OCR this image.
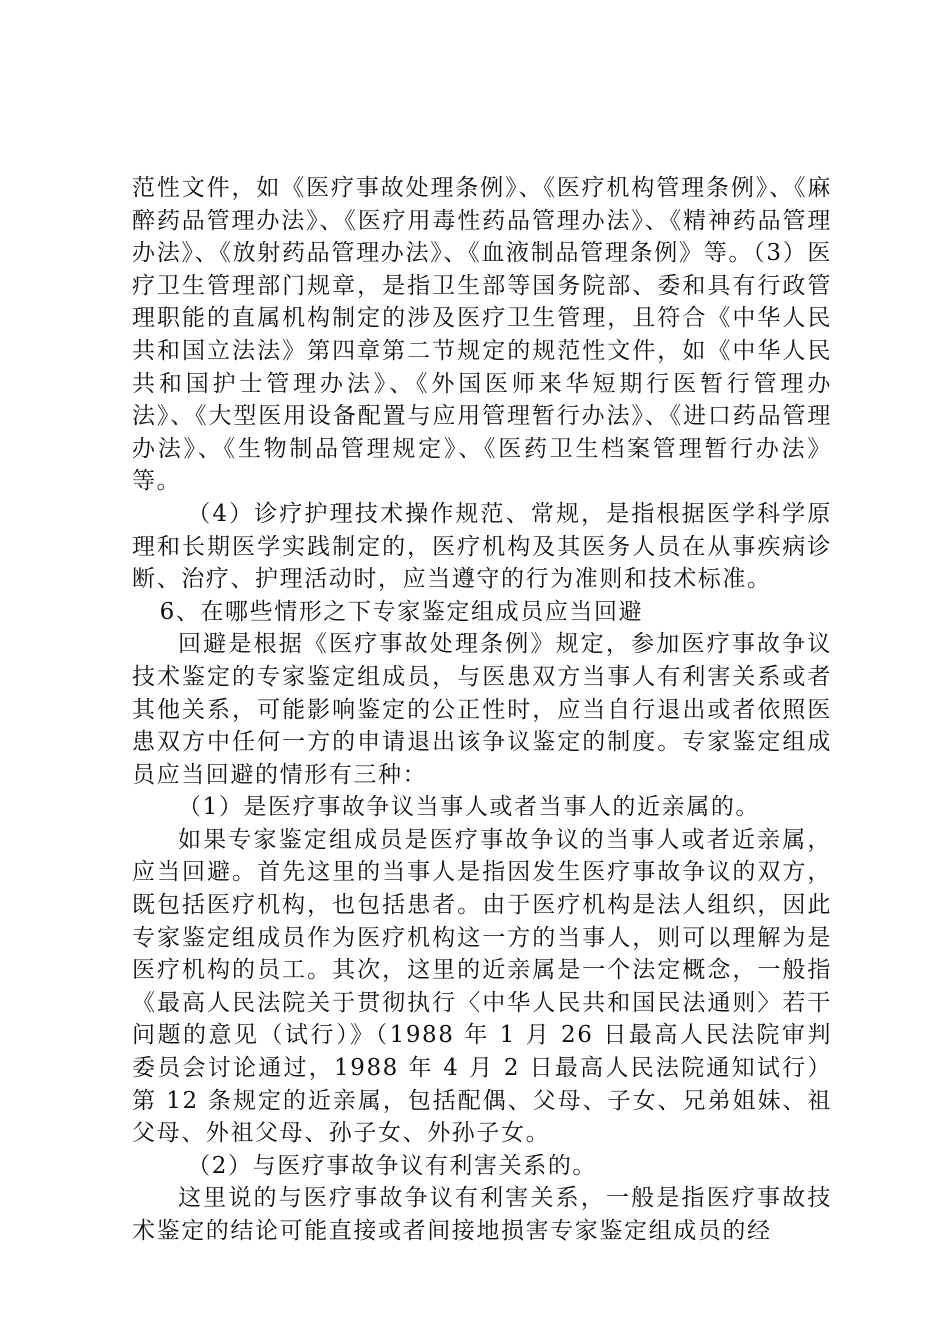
范性文件，如《医疗事故处理条例》、《医疗机构管理条例》、《麻醉药品管理办法》、《医疗用毒性药品管理办法》、《精神药品管理办法》、《放射药品管理办法》、《血液制品管理条例》等。（3）医疗卫生管理部门规章，是指卫生部等国务院部、委和具有行政管理职能的直属机构制定的涉及医疗卫生管理，且符合《中华人民共和国立法法》第四章第二节规定的规范性文件，如《中华人民共和国护士管理办法》、《外国医师来华短期行医暂行管理办法》、《大型医用设备配置与应用管理暂行办法》、《进口药品管理办法》、《生物制品管理规定》、《医药卫生档案管理暂行办法》等。

（4）诊疗护理技术操作规范、常规，是指根据医学科学原理和长期医学实践制定的，医疗机构及其医务人员在从事疾病诊断、治疗、护理活动时，应当遵守的行为准则和技术标准。

6、在哪些情形之下专家鉴定组成员应当回避

回避是根据《医疗事故处理条例》规定，参加医疗事故争议技术鉴定的专家鉴定组成员，与医患双方当事人有利害关系或者其他关系，可能影响鉴定的公正性时，应当自行退出或者依照医患双方中任何一方的申请退出该争议鉴定的制度。专家鉴定组成员应当回避的情形有三种：

（1）是医疗事故争议当事人或者当事人的近亲属的。

如果专家鉴定组成员是医疗事故争议的当事人或者近亲属，应当回避。首先这里的当事人是指因发生医疗事故争议的双方，既包括医疗机构，也包括患者。由于医疗机构是法人组织，因此专家鉴定组成员作为医疗机构这一方的当事人，则可以理解为是医疗机构的员工。其次，这里的近亲属是一个法定概念，一般指《最高人民法院关于贯彻执行〈中华人民共和国民法通则〉若干问题的意见（试行）》（1988 年 1 月 26 日最高人民法院审判委员会讨论通过，1988 年 4 月 2 日最高人民法院通知试行）第 12 条规定的近亲属，包括配偶、父母、子女、兄弟姐妹、祖父母、外祖父母、孙子女、外孙子女。

（2）与医疗事故争议有利害关系的。

这里说的与医疗事故争议有利害关系，一般是指医疗事故技术鉴定的结论可能直接或者间接地损害专家鉴定组成员的经
